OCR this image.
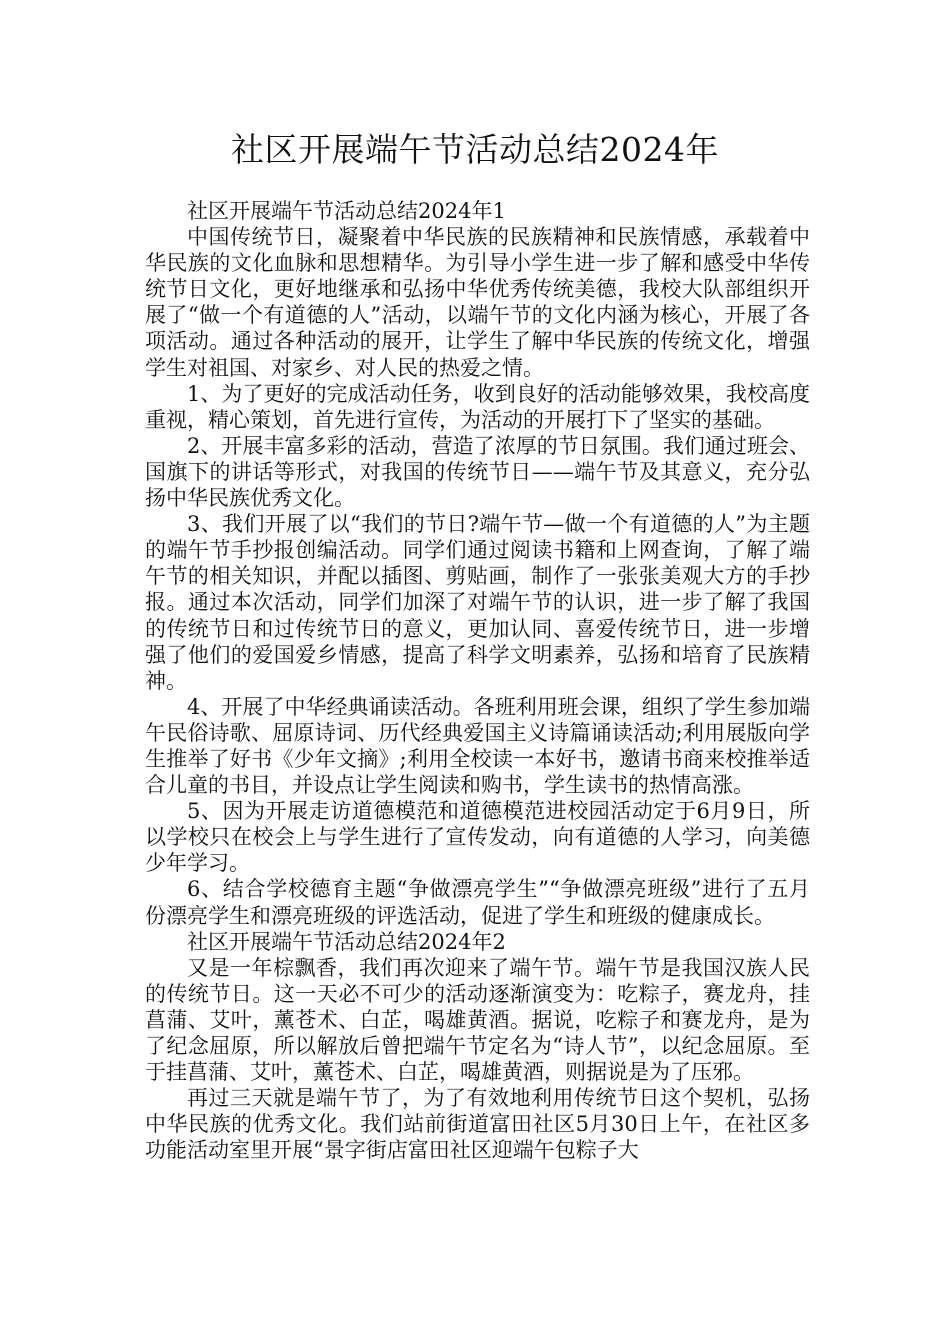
社区开展端午节活动总结2024年

社区开展端午节活动总结2024年1

中国传统节日，凝聚着中华民族的民族精神和民族情感，承载着中华民族的文化血脉和思想精华。为引导小学生进一步了解和感受中华传统节日文化，更好地继承和弘扬中华优秀传统美德，我校大队部组织开展了“做一个有道德的人”活动，以端午节的文化内涵为核心，开展了各项活动。通过各种活动的展开，让学生了解中华民族的传统文化，增强学生对祖国、对家乡、对人民的热爱之情。

1、为了更好的完成活动任务，收到良好的活动能够效果，我校高度重视，精心策划，首先进行宣传，为活动的开展打下了坚实的基础。

2、开展丰富多彩的活动，营造了浓厚的节日氛围。我们通过班会、国旗下的讲话等形式，对我国的传统节日——端午节及其意义，充分弘扬中华民族优秀文化。

3、我们开展了以“我们的节日?端午节—做一个有道德的人”为主题的端午节手抄报创编活动。同学们通过阅读书籍和上网查询，了解了端午节的相关知识，并配以插图、剪贴画，制作了一张张美观大方的手抄报。通过本次活动，同学们加深了对端午节的认识，进一步了解了我国的传统节日和过传统节日的意义，更加认同、喜爱传统节日，进一步增强了他们的爱国爱乡情感，提高了科学文明素养，弘扬和培育了民族精神。

4、开展了中华经典诵读活动。各班利用班会课，组织了学生参加端午民俗诗歌、屈原诗词、历代经典爱国主义诗篇诵读活动;利用展版向学生推举了好书《少年文摘》;利用全校读一本好书，邀请书商来校推举适合儿童的书目，并设点让学生阅读和购书，学生读书的热情高涨。

5、因为开展走访道德模范和道德模范进校园活动定于6月9日，所以学校只在校会上与学生进行了宣传发动，向有道德的人学习，向美德少年学习。

6、结合学校德育主题“争做漂亮学生”“争做漂亮班级”进行了五月份漂亮学生和漂亮班级的评选活动，促进了学生和班级的健康成长。

社区开展端午节活动总结2024年2

又是一年棕飘香，我们再次迎来了端午节。端午节是我国汉族人民的传统节日。这一天必不可少的活动逐渐演变为：吃粽子，赛龙舟，挂菖蒲、艾叶，薰苍术、白芷，喝雄黄酒。据说，吃粽子和赛龙舟，是为了纪念屈原，所以解放后曾把端午节定名为“诗人节”，以纪念屈原。至于挂菖蒲、艾叶，薰苍术、白芷，喝雄黄酒，则据说是为了压邪。

再过三天就是端午节了，为了有效地利用传统节日这个契机，弘扬中华民族的优秀文化。我们站前街道富田社区5月30日上午，在社区多功能活动室里开展“景字街店富田社区迎端午包粽子大
